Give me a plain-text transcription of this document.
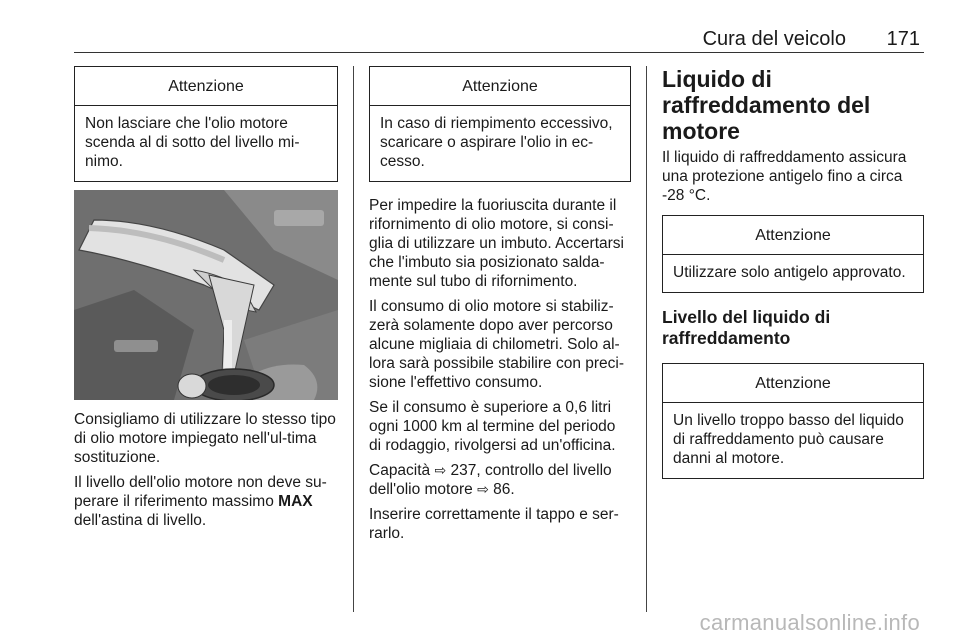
Cura del veicolo 171
Attenzione
Non lasciare che l'olio motore scenda al di sotto del livello mi-nimo.

Consigliamo di utilizzare lo stesso tipo di olio motore impiegato nell'ul-tima sostituzione.

Il livello dell'olio motore non deve su-perare il riferimento massimo MAX dell'astina di livello.

Attenzione
In caso di riempimento eccessivo, scaricare o aspirare l'olio in ec-cesso.

Per impedire la fuoriuscita durante il rifornimento di olio motore, si consi-glia di utilizzare un imbuto. Accertarsi che l'imbuto sia posizionato salda-mente sul tubo di rifornimento.

Il consumo di olio motore si stabiliz-zerà solamente dopo aver percorso alcune migliaia di chilometri. Solo al-lora sarà possibile stabilire con preci-sione l'effettivo consumo.

Se il consumo è superiore a 0,6 litri ogni 1000 km al termine del periodo di rodaggio, rivolgersi ad un'officina.

Capacità ⇨ 237, controllo del livello dell'olio motore ⇨ 86.

Inserire correttamente il tappo e ser-rarlo.

Liquido di raffreddamento del motore

Il liquido di raffreddamento assicura una protezione antigelo fino a circa -28 °C.

Attenzione
Utilizzare solo antigelo approvato.
Livello del liquido di raffreddamento
Attenzione
Un livello troppo basso del liquido di raffreddamento può causare danni al motore.
carmanualsonline.info
